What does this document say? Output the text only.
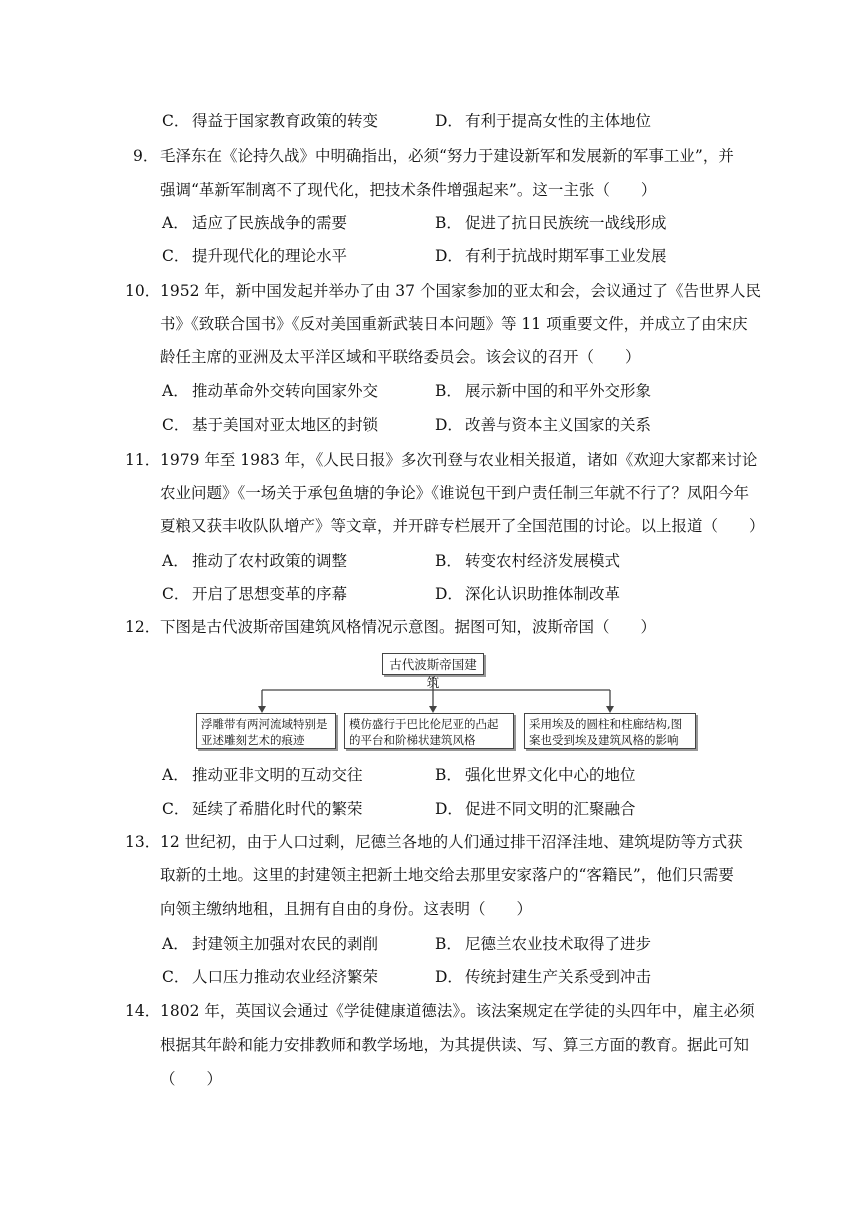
C． 得益于国家教育政策的转变	D． 有利于提高女性的主体地位
9． 毛泽东在《论持久战》中明确指出，必须“努力于建设新军和发展新的军事工业”，并
强调“革新军制离不了现代化，把技术条件增强起来”。这一主张（　　）
A． 适应了民族战争的需要	B． 促进了抗日民族统一战线形成
C． 提升现代化的理论水平	D． 有利于抗战时期军事工业发展
10． 1952 年，新中国发起并举办了由 37 个国家参加的亚太和会，会议通过了《告世界人民
书》《致联合国书》《反对美国重新武装日本问题》等 11 项重要文件，并成立了由宋庆
龄任主席的亚洲及太平洋区域和平联络委员会。该会议的召开（　　）
A． 推动革命外交转向国家外交	B． 展示新中国的和平外交形象
C． 基于美国对亚太地区的封锁	D． 改善与资本主义国家的关系
11． 1979 年至 1983 年，《人民日报》多次刊登与农业相关报道，诸如《欢迎大家都来讨论
农业问题》《一场关于承包鱼塘的争论》《谁说包干到户责任制三年就不行了？凤阳今年
夏粮又获丰收队队增产》等文章，并开辟专栏展开了全国范围的讨论。以上报道（　　）
A． 推动了农村政策的调整	B． 转变农村经济发展模式
C． 开启了思想变革的序幕	D． 深化认识助推体制改革
12． 下图是古代波斯帝国建筑风格情况示意图。据图可知，波斯帝国（　　）
古代波斯帝国建筑
浮雕带有两河流域特别是
亚述雕刻艺术的痕迹
模仿盛行于巴比伦尼亚的凸起
的平台和阶梯状建筑风格
采用埃及的圆柱和柱廊结构,图
案也受到埃及建筑风格的影响
A． 推动亚非文明的互动交往	B． 强化世界文化中心的地位
C． 延续了希腊化时代的繁荣	D． 促进不同文明的汇聚融合
13． 12 世纪初，由于人口过剩，尼德兰各地的人们通过排干沼泽洼地、建筑堤防等方式获
取新的土地。这里的封建领主把新土地交给去那里安家落户的“客籍民”，他们只需要
向领主缴纳地租，且拥有自由的身份。这表明（　　）
A． 封建领主加强对农民的剥削	B． 尼德兰农业技术取得了进步
C． 人口压力推动农业经济繁荣	D． 传统封建生产关系受到冲击
14． 1802 年，英国议会通过《学徒健康道德法》。该法案规定在学徒的头四年中，雇主必须
根据其年龄和能力安排教师和教学场地，为其提供读、写、算三方面的教育。据此可知
（　　）
